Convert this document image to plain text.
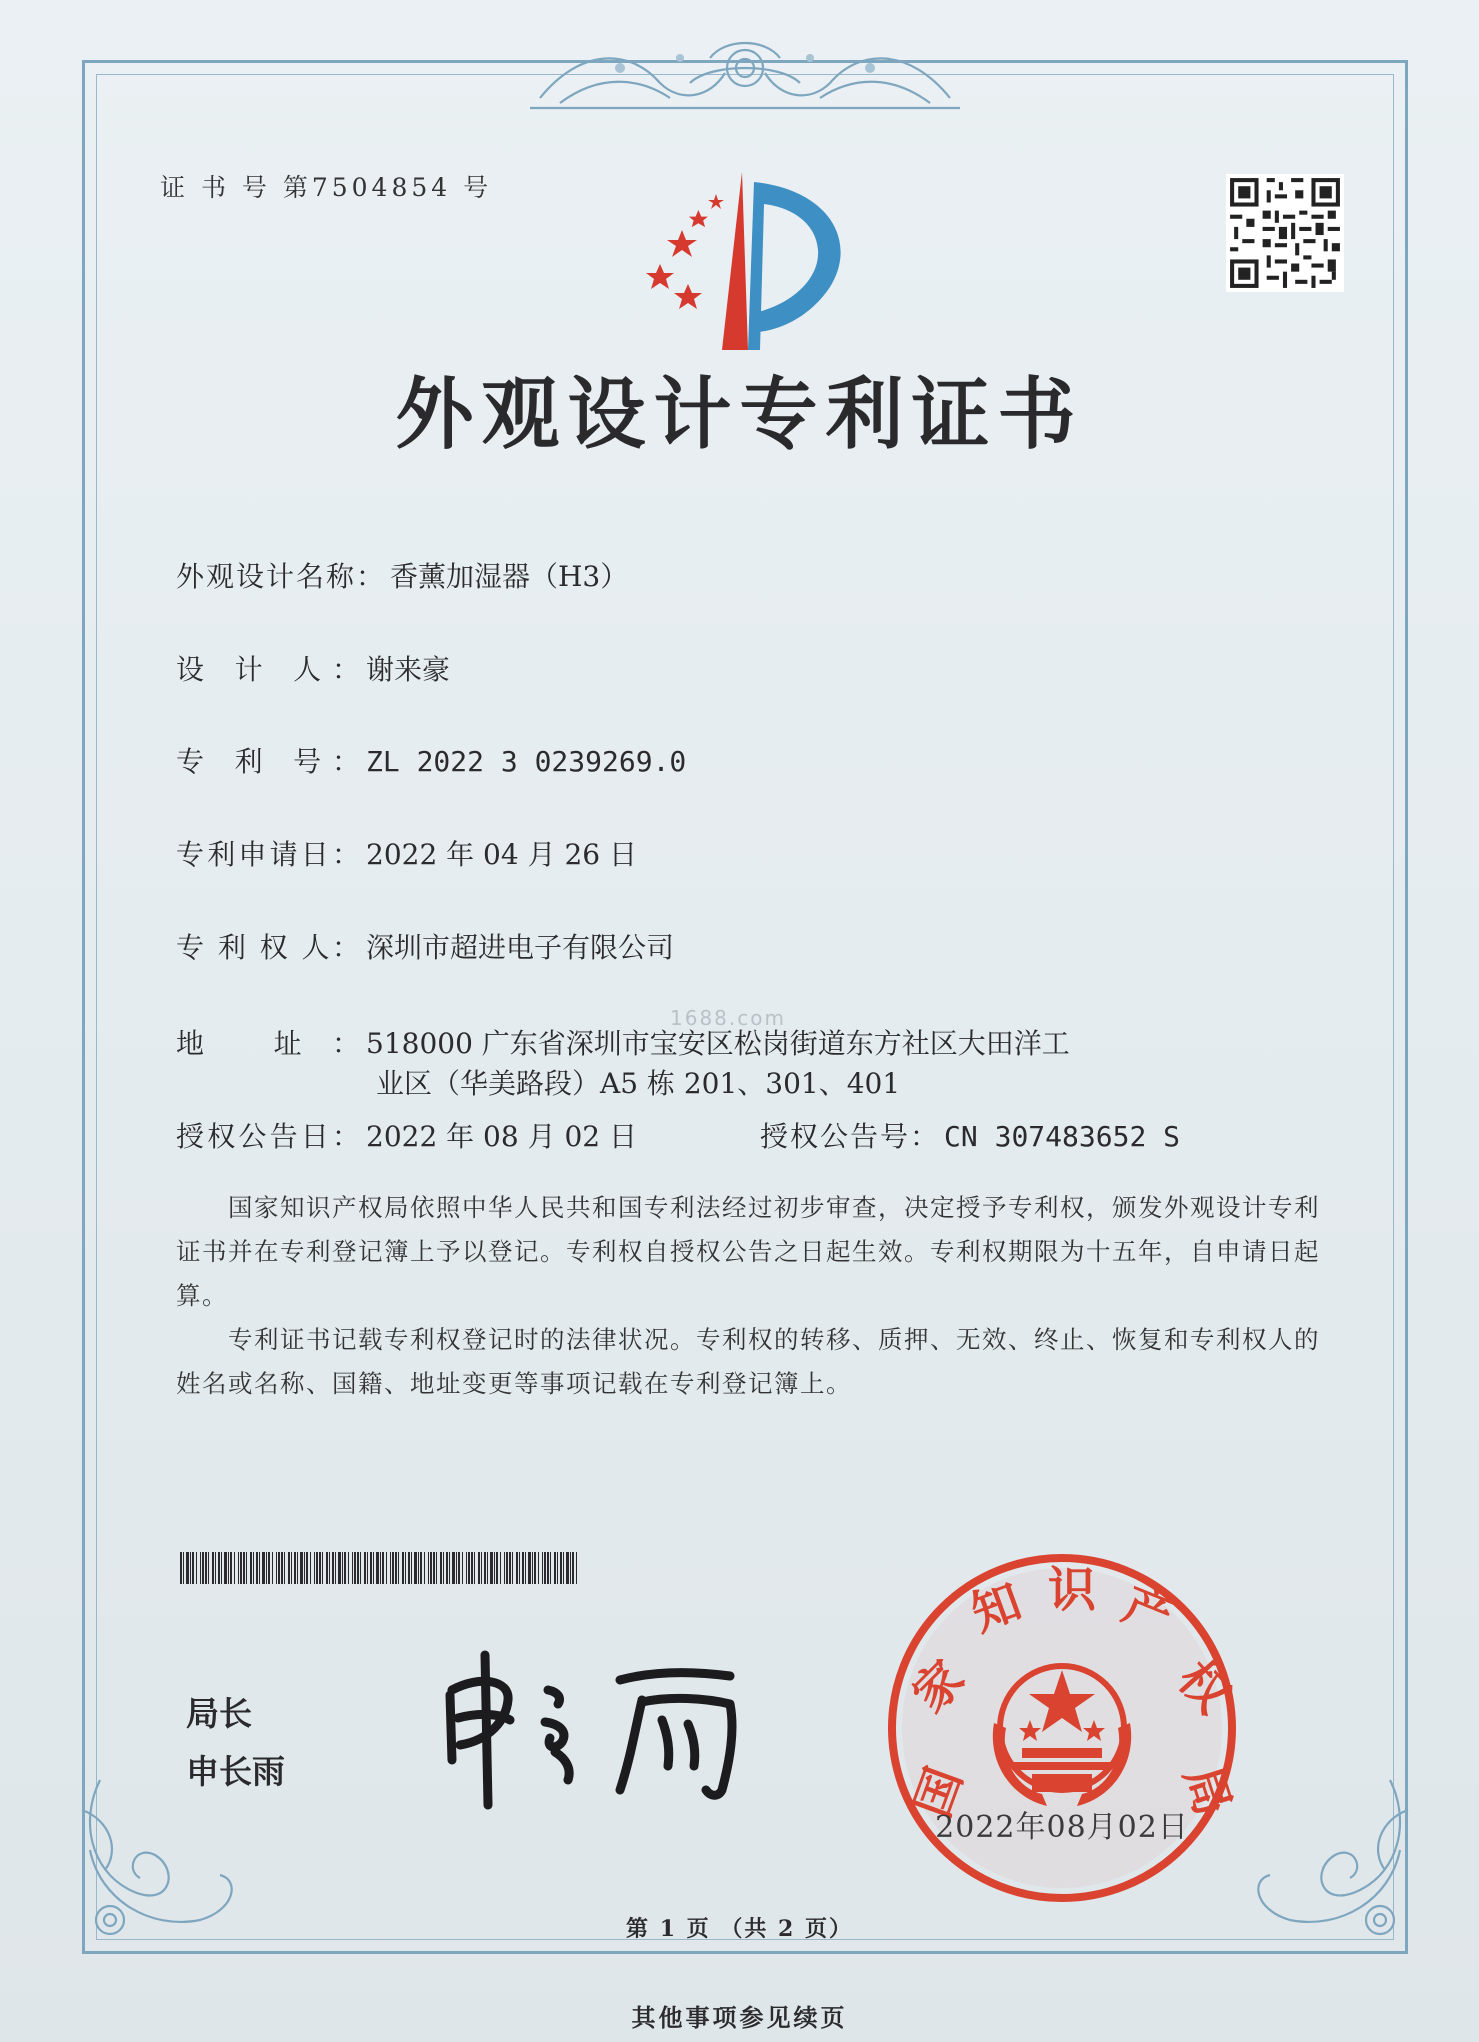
证 书 号 第7504854 号
外观设计专利证书
外观设计名称： 香薰加湿器（H3）
设 计 人： 谢来豪
专 利 号： ZL 2022 3 0239269.0
专利申请日： 2022 年 04 月 26 日
专 利 权 人： 深圳市超进电子有限公司
地 址： 518000 广东省深圳市宝安区松岗街道东方社区大田洋工
业区（华美路段）A5 栋 201、301、401
授权公告日： 2022 年 08 月 02 日	授权公告号： CN 307483652 S
1688.com
　　国家知识产权局依照中华人民共和国专利法经过初步审查，决定授予专利权，颁发外观设计专利证书并在专利登记簿上予以登记。专利权自授权公告之日起生效。专利权期限为十五年，自申请日起算。
　　专利证书记载专利权登记时的法律状况。专利权的转移、质押、无效、终止、恢复和专利权人的姓名或名称、国籍、地址变更等事项记载在专利登记簿上。
局长
申长雨	国
家
知 识 产
权
局
2022年08月02日
第 1 页 （共 2 页）
其他事项参见续页
